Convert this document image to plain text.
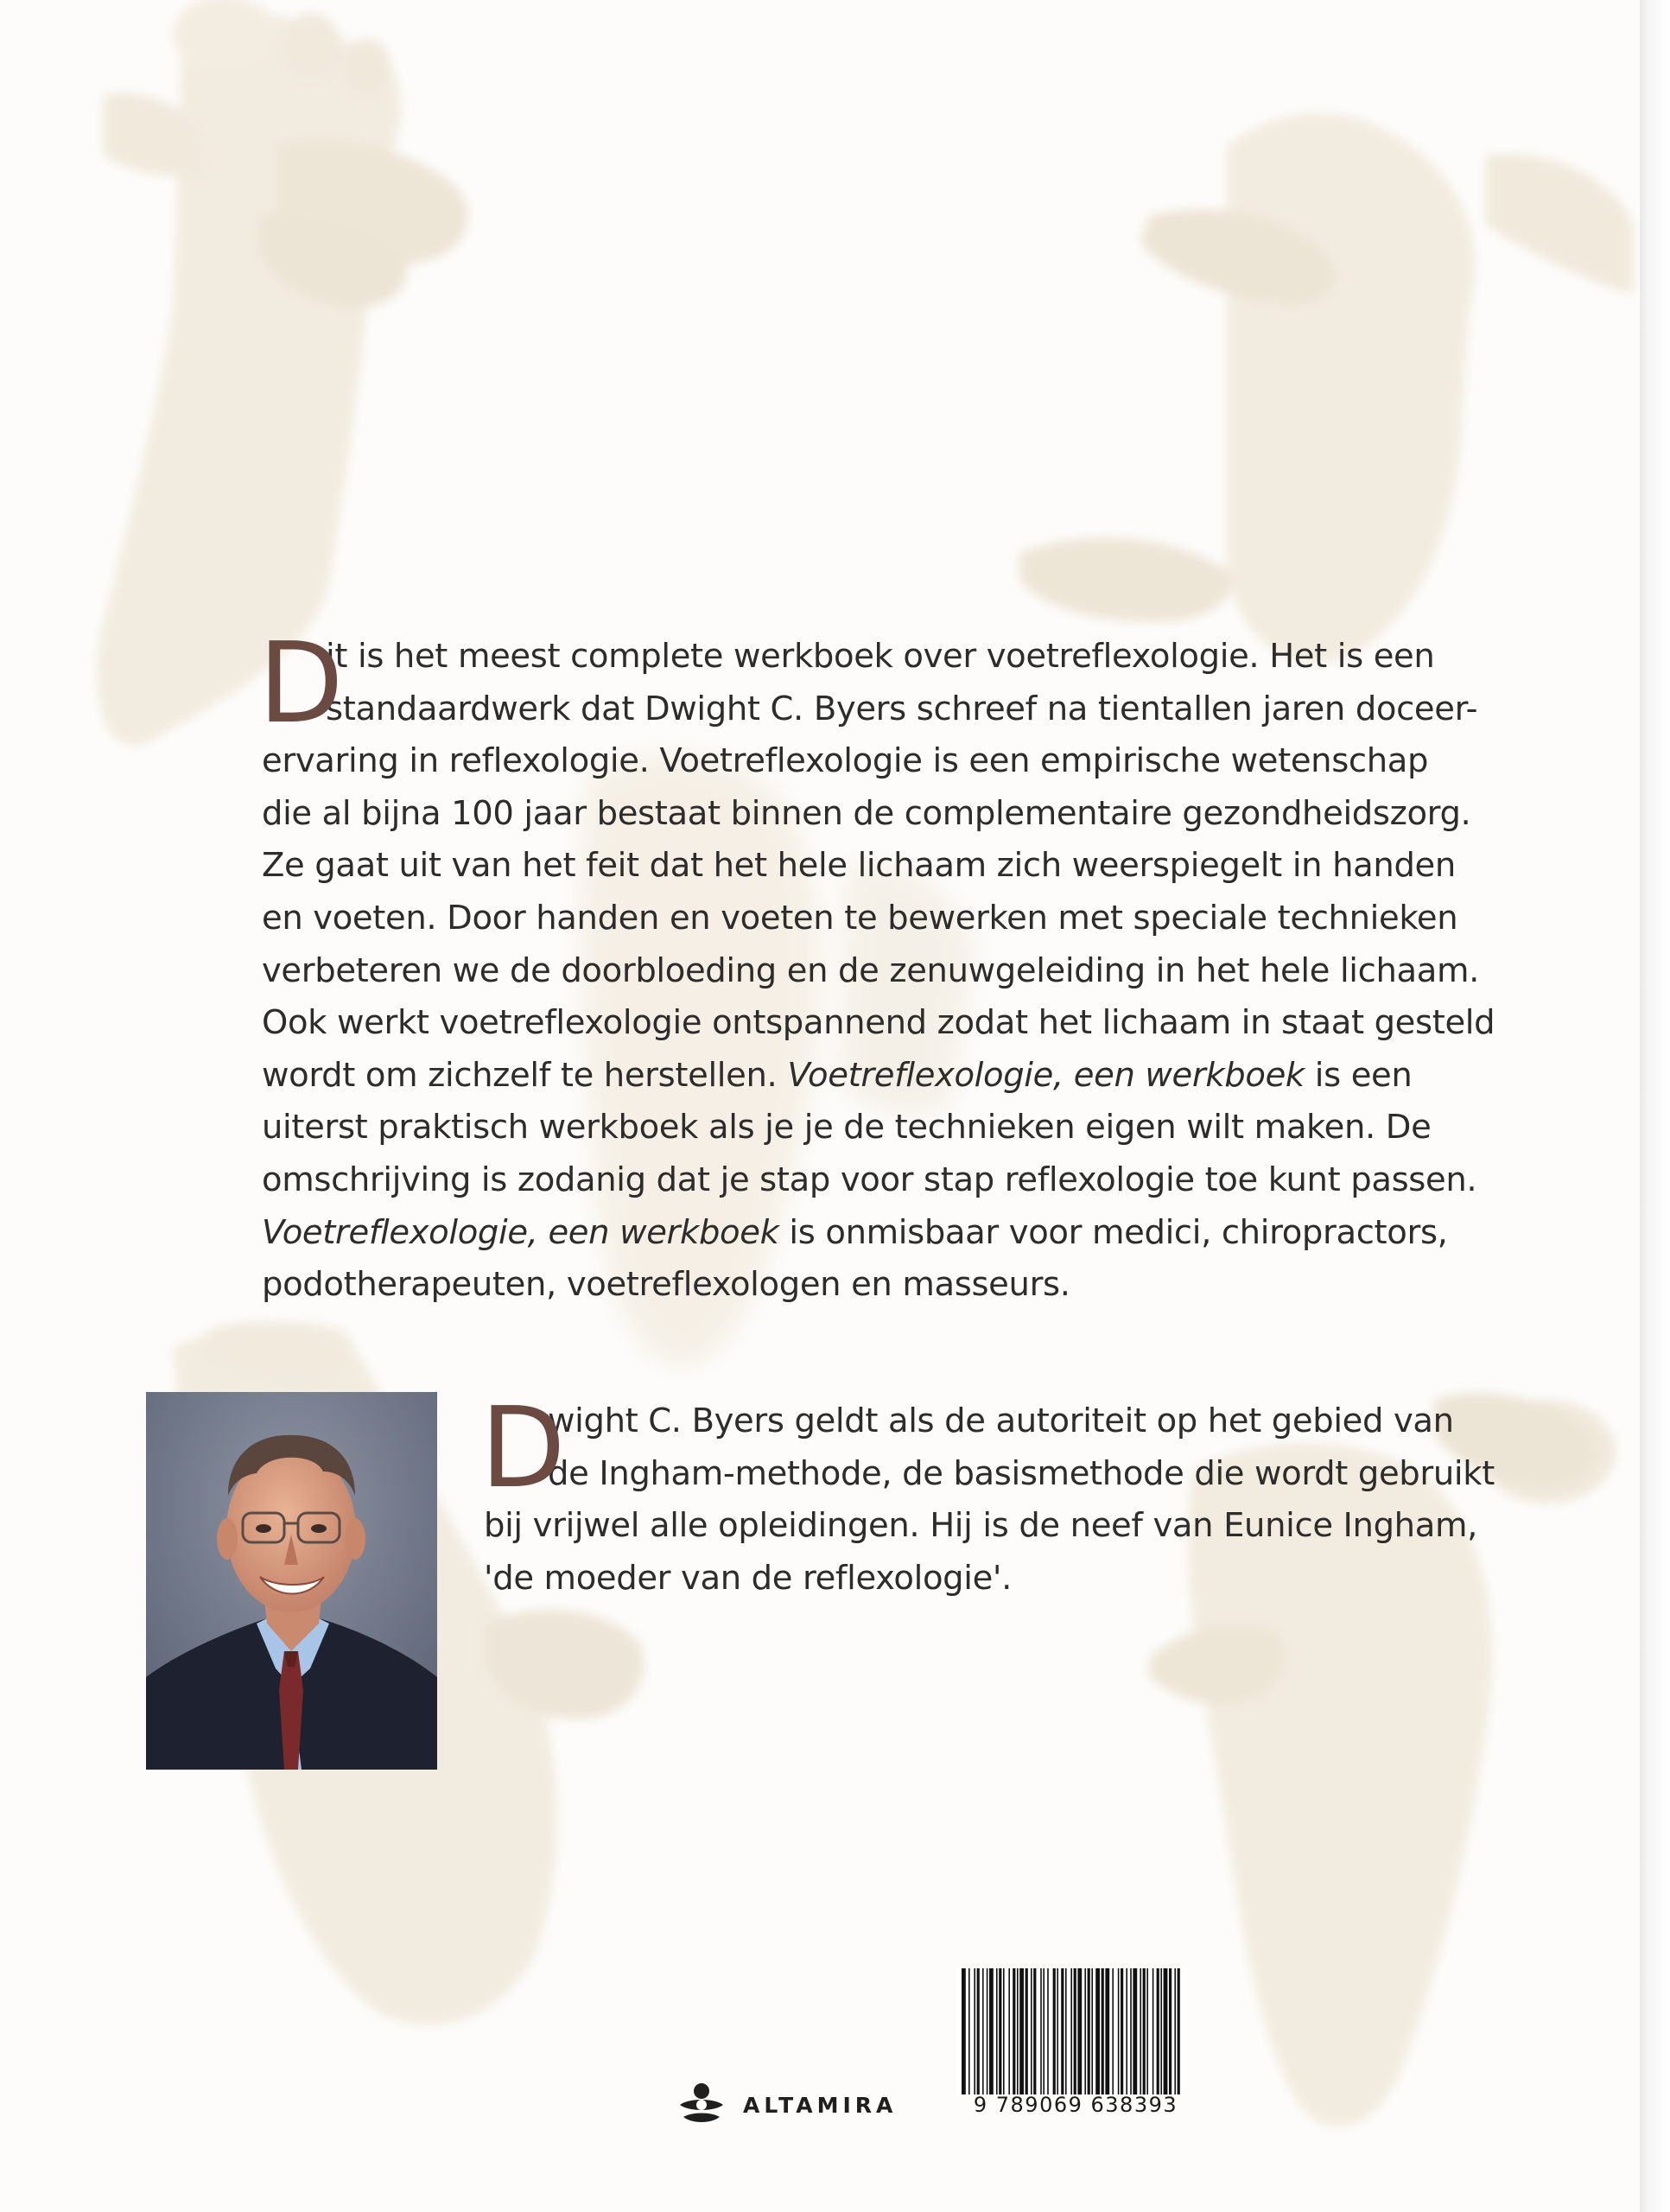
D

it is het meest complete werkboek over voetreflexologie. Het is een
standaardwerk dat Dwight C. Byers schreef na tientallen jaren doceer-
ervaring in reflexologie. Voetreflexologie is een empirische wetenschap
die al bijna 100 jaar bestaat binnen de complementaire gezondheidszorg.
Ze gaat uit van het feit dat het hele lichaam zich weerspiegelt in handen
en voeten. Door handen en voeten te bewerken met speciale technieken
verbeteren we de doorbloeding en de zenuwgeleiding in het hele lichaam.
Ook werkt voetreflexologie ontspannend zodat het lichaam in staat gesteld
wordt om zichzelf te herstellen. Voetreflexologie, een werkboek is een
uiterst praktisch werkboek als je je de technieken eigen wilt maken. De
omschrijving is zodanig dat je stap voor stap reflexologie toe kunt passen.
Voetreflexologie, een werkboek is onmisbaar voor medici, chiropractors,
podotherapeuten, voetreflexologen en masseurs.

D

wight C. Byers geldt als de autoriteit op het gebied van
de Ingham-methode, de basismethode die wordt gebruikt
bij vrijwel alle opleidingen. Hij is de neef van Eunice Ingham,
'de moeder van de reflexologie'.

ALTAMIRA	9 789069 638393
